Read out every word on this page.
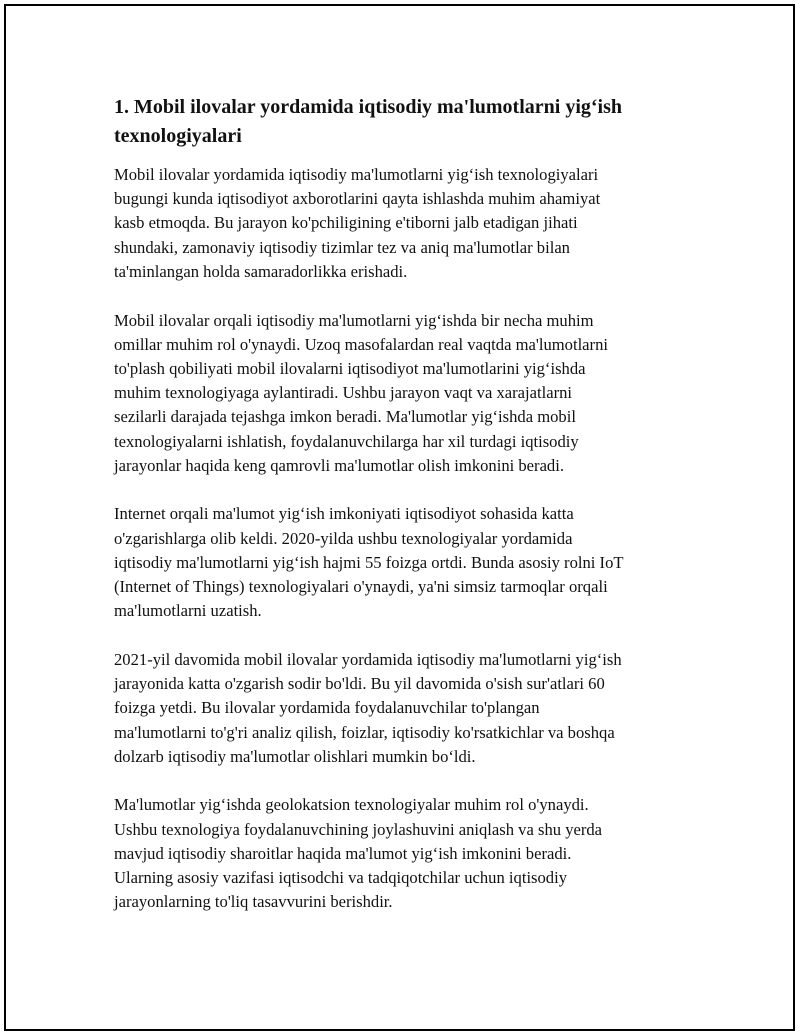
1. Mobil ilovalar yordamida iqtisodiy ma'lumotlarni yig‘ish texnologiyalari

Mobil ilovalar yordamida iqtisodiy ma'lumotlarni yig‘ish texnologiyalari
bugungi kunda iqtisodiyot axborotlarini qayta ishlashda muhim ahamiyat
kasb etmoqda. Bu jarayon ko'pchiligining e'tiborni jalb etadigan jihati
shundaki, zamonaviy iqtisodiy tizimlar tez va aniq ma'lumotlar bilan
ta'minlangan holda samaradorlikka erishadi.

Mobil ilovalar orqali iqtisodiy ma'lumotlarni yig‘ishda bir necha muhim
omillar muhim rol o'ynaydi. Uzoq masofalardan real vaqtda ma'lumotlarni
to'plash qobiliyati mobil ilovalarni iqtisodiyot ma'lumotlarini yig‘ishda
muhim texnologiyaga aylantiradi. Ushbu jarayon vaqt va xarajatlarni
sezilarli darajada tejashga imkon beradi. Ma'lumotlar yig‘ishda mobil
texnologiyalarni ishlatish, foydalanuvchilarga har xil turdagi iqtisodiy
jarayonlar haqida keng qamrovli ma'lumotlar olish imkonini beradi.

Internet orqali ma'lumot yig‘ish imkoniyati iqtisodiyot sohasida katta
o'zgarishlarga olib keldi. 2020-yilda ushbu texnologiyalar yordamida
iqtisodiy ma'lumotlarni yig‘ish hajmi 55 foizga ortdi. Bunda asosiy rolni IoT
(Internet of Things) texnologiyalari o'ynaydi, ya'ni simsiz tarmoqlar orqali
ma'lumotlarni uzatish.

2021-yil davomida mobil ilovalar yordamida iqtisodiy ma'lumotlarni yig‘ish
jarayonida katta o'zgarish sodir bo'ldi. Bu yil davomida o'sish sur'atlari 60
foizga yetdi. Bu ilovalar yordamida foydalanuvchilar to'plangan
ma'lumotlarni to'g'ri analiz qilish, foizlar, iqtisodiy ko'rsatkichlar va boshqa
dolzarb iqtisodiy ma'lumotlar olishlari mumkin bo‘ldi.

Ma'lumotlar yig‘ishda geolokatsion texnologiyalar muhim rol o'ynaydi.
Ushbu texnologiya foydalanuvchining joylashuvini aniqlash va shu yerda
mavjud iqtisodiy sharoitlar haqida ma'lumot yig‘ish imkonini beradi.
Ularning asosiy vazifasi iqtisodchi va tadqiqotchilar uchun iqtisodiy
jarayonlarning to'liq tasavvurini berishdir.
